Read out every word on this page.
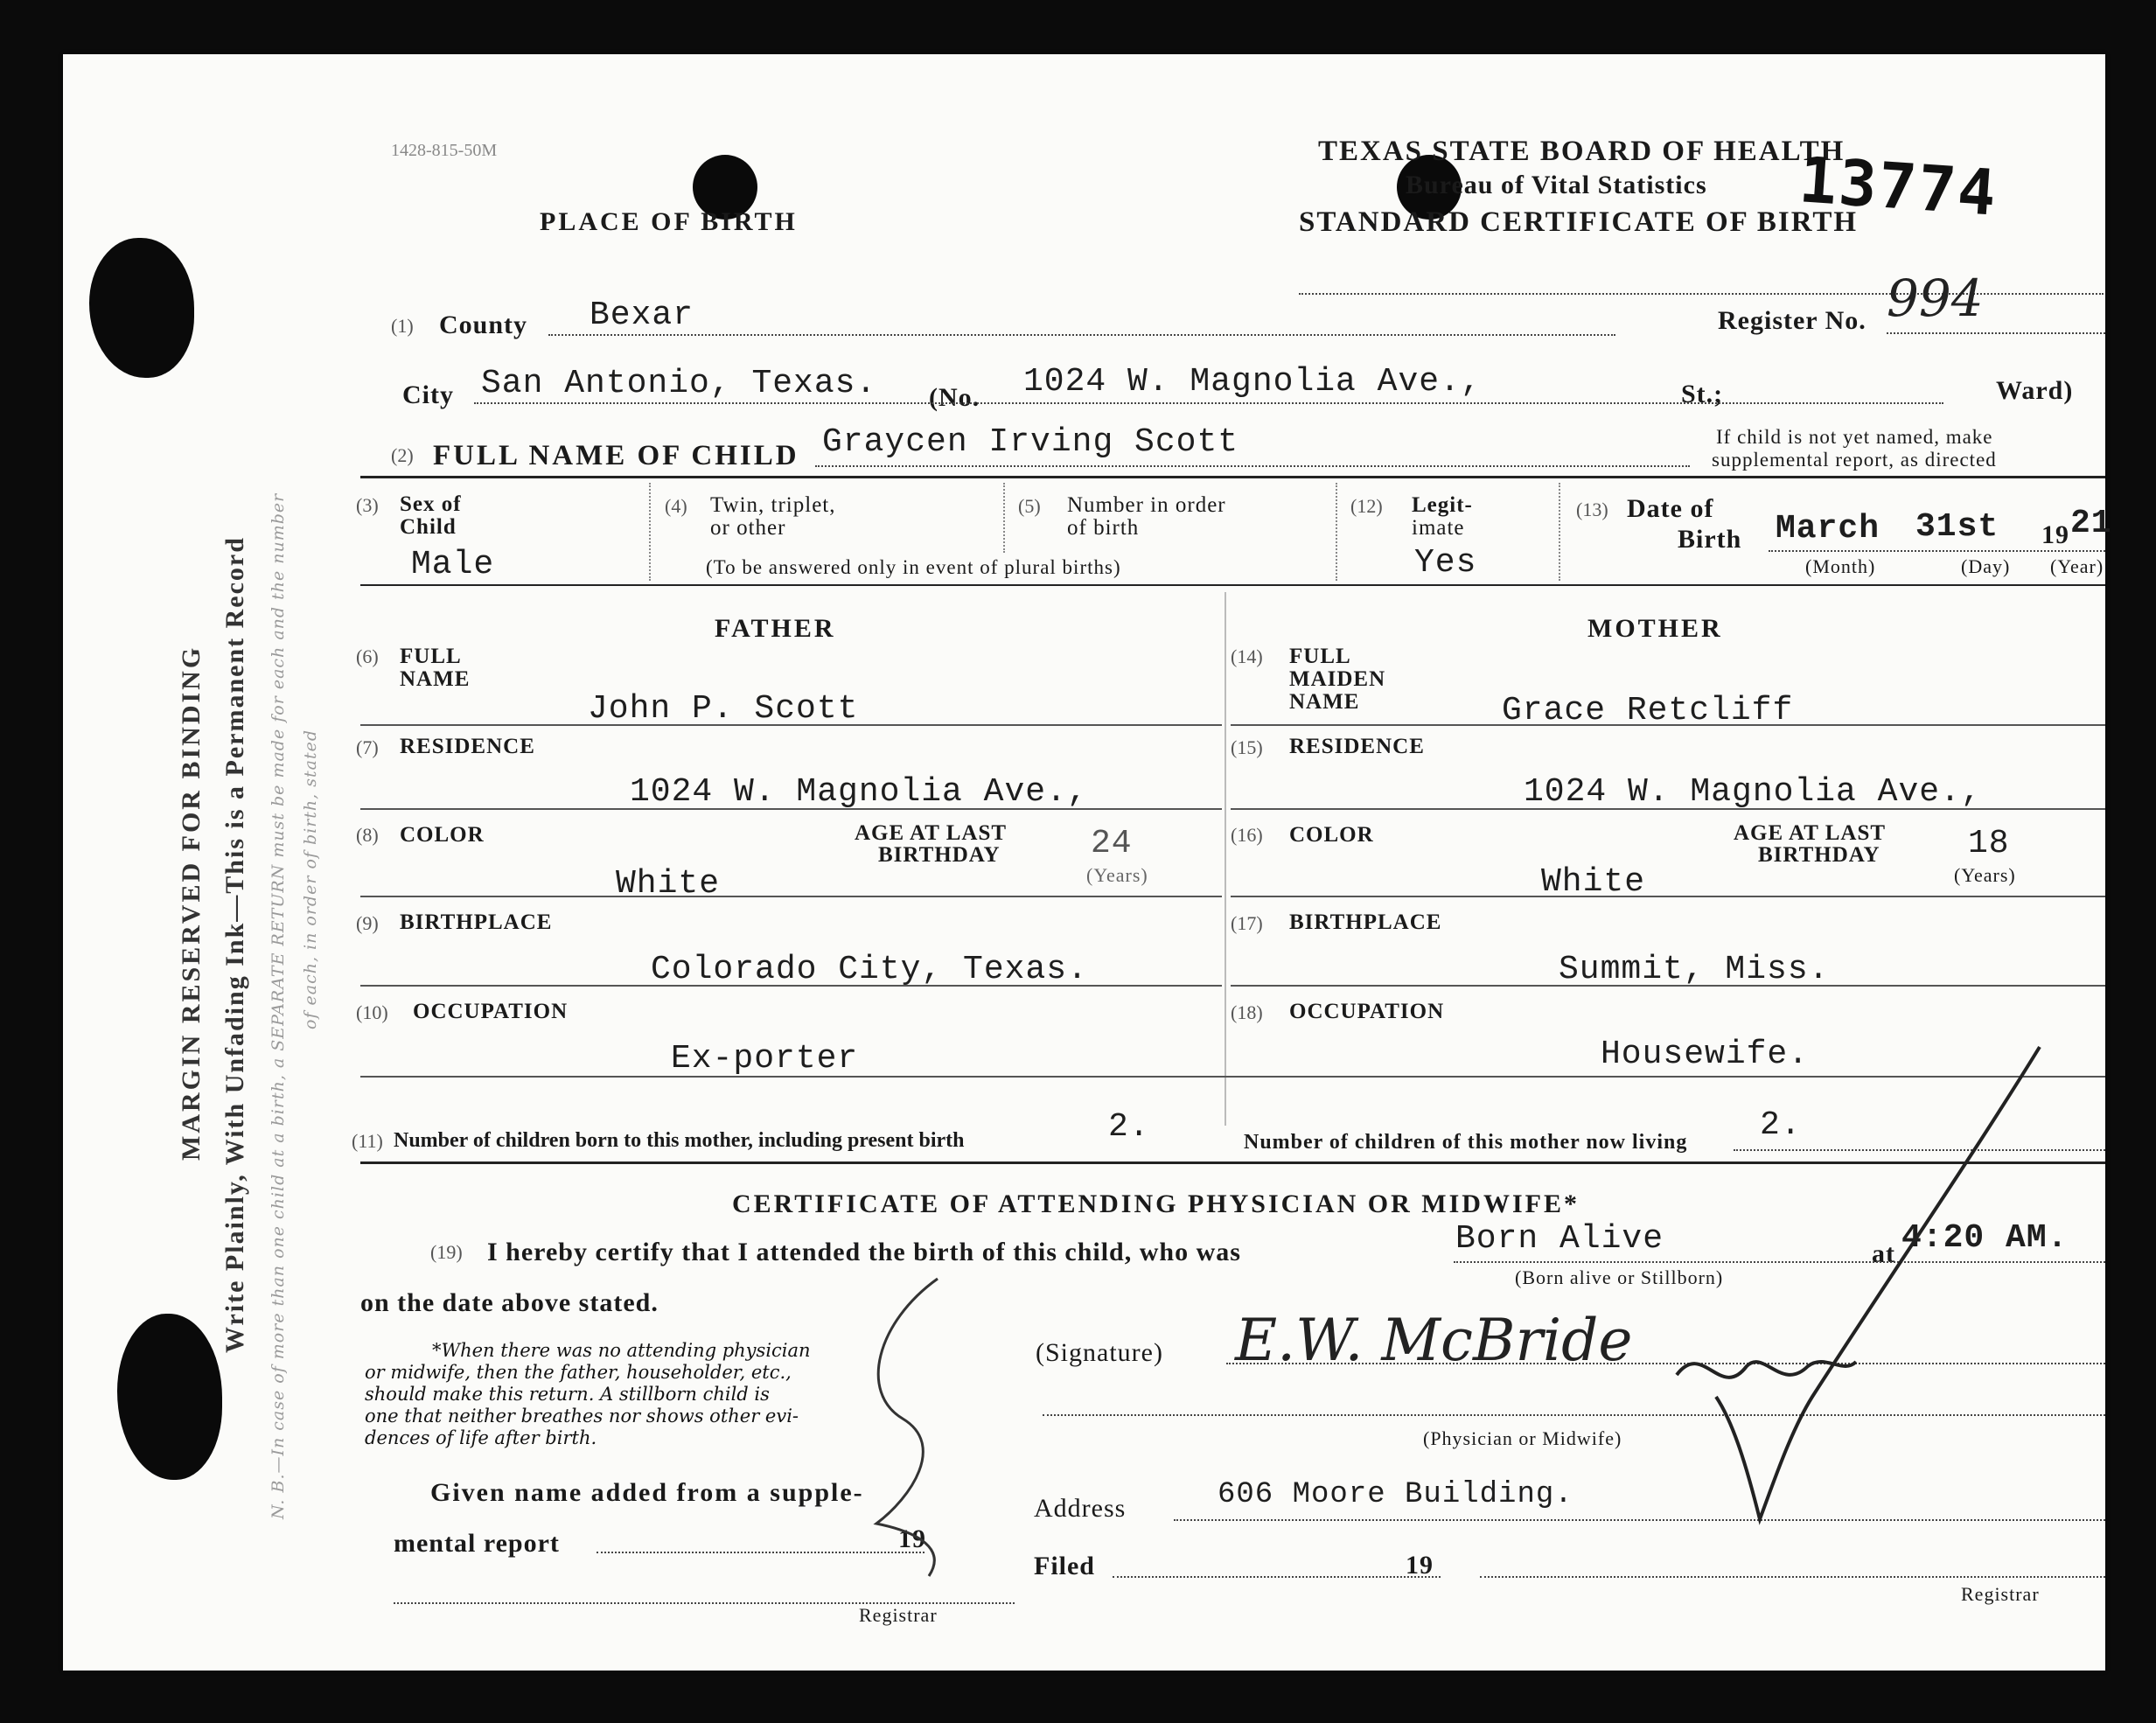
MARGIN RESERVED FOR BINDING Write Plainly, With Unfading Ink—This is a Permanent Record N. B.—In case of more than one child at a birth, a SEPARATE RETURN must be made for each and the number of each, in order of birth, stated
1428-815-50M
PLACE OF BIRTH
TEXAS STATE BOARD OF HEALTH
Bureau of Vital Statistics
STANDARD CERTIFICATE OF BIRTH
13774
(1) County Bexar	Register No. 994
City San Antonio, Texas. (No. 1024 W. Magnolia Ave.,	St.;	Ward)
(2) FULL NAME OF CHILD Graycen Irving Scott	If child is not yet named, make
supplemental report, as directed
(3) Sex of
Child
Male
(4) Twin, triplet,
or other
(5) Number in order
of birth
(To be answered only in event of plural births)
(12) Legit-
imate
Yes
(13) Date of
Birth March 31st 19 21
(Month)	(Day) (Year)
FATHER
(6) FULL
NAME
John P. Scott
(7) RESIDENCE
1024 W. Magnolia Ave.,
(8) COLOR	AGE AT LAST
BIRTHDAY	24
(Years)
White
(9) BIRTHPLACE
Colorado City, Texas.
(10) OCCUPATION
Ex-porter
MOTHER
(14) FULL
MAIDEN
NAME	Grace Retcliff
(15) RESIDENCE
1024 W. Magnolia Ave.,
(16) COLOR	AGE AT LAST
BIRTHDAY	18
(Years)
White
(17) BIRTHPLACE
Summit, Miss.
(18) OCCUPATION
Housewife.
(11) Number of children born to this mother, including present birth	2.	Number of children of this mother now living 2.
CERTIFICATE OF ATTENDING PHYSICIAN OR MIDWIFE*
(19) I hereby certify that I attended the birth of this child, who was	Born Alive	at 4:20 AM.
(Born alive or Stillborn)
on the date above stated.
(Signature) E.W. McBride
(Physician or Midwife)
Address	606 Moore Building.
*When there was no attending physician
or midwife, then the father, householder, etc.,
should make this return. A stillborn child is
one that neither breathes nor shows other evi-
dences of life after birth.
Given name added from a supple-
mental report	19
Registrar
Filed	19
Registrar
